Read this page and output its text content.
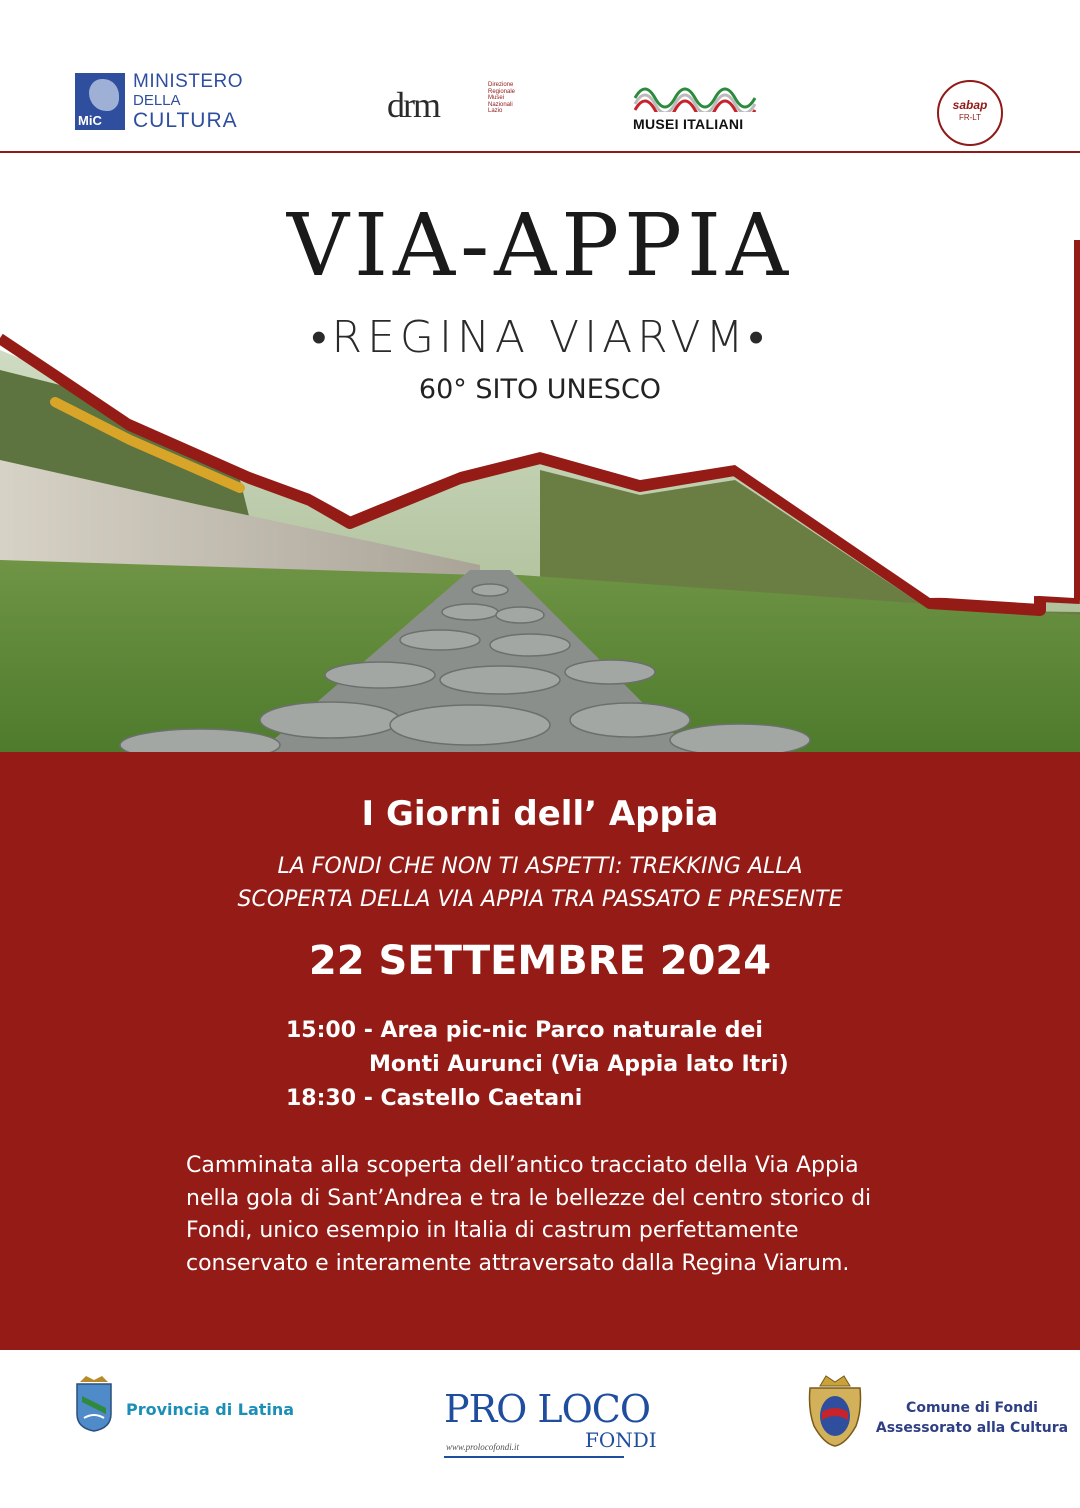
MiC
MINISTERO
DELLA
CULTURA	drm	Direzione Regionale Musei Nazionali Lazio
MUSEI ITALIANI
sabap
FR-LT
VIA-APPIA
•REGINA VIARVM•
60° SITO UNESCO
I Giorni dell’ Appia
LA FONDI CHE NON TI ASPETTI: TREKKING ALLA
SCOPERTA DELLA VIA APPIA TRA PASSATO E PRESENTE
22 SETTEMBRE 2024
15:00 - Area pic-nic Parco naturale dei
Monti Aurunci (Via Appia lato Itri)
18:30 - Castello Caetani
Camminata alla scoperta dell’antico tracciato della Via Appia
nella gola di Sant’Andrea e tra le bellezze del centro storico di
Fondi, unico esempio in Italia di castrum perfettamente
conservato e interamente attraversato dalla Regina Viarum.
Provincia di Latina	PRO LOCO
FONDI
www.prolocofondi.it
Comune di Fondi
Assessorato alla Cultura
